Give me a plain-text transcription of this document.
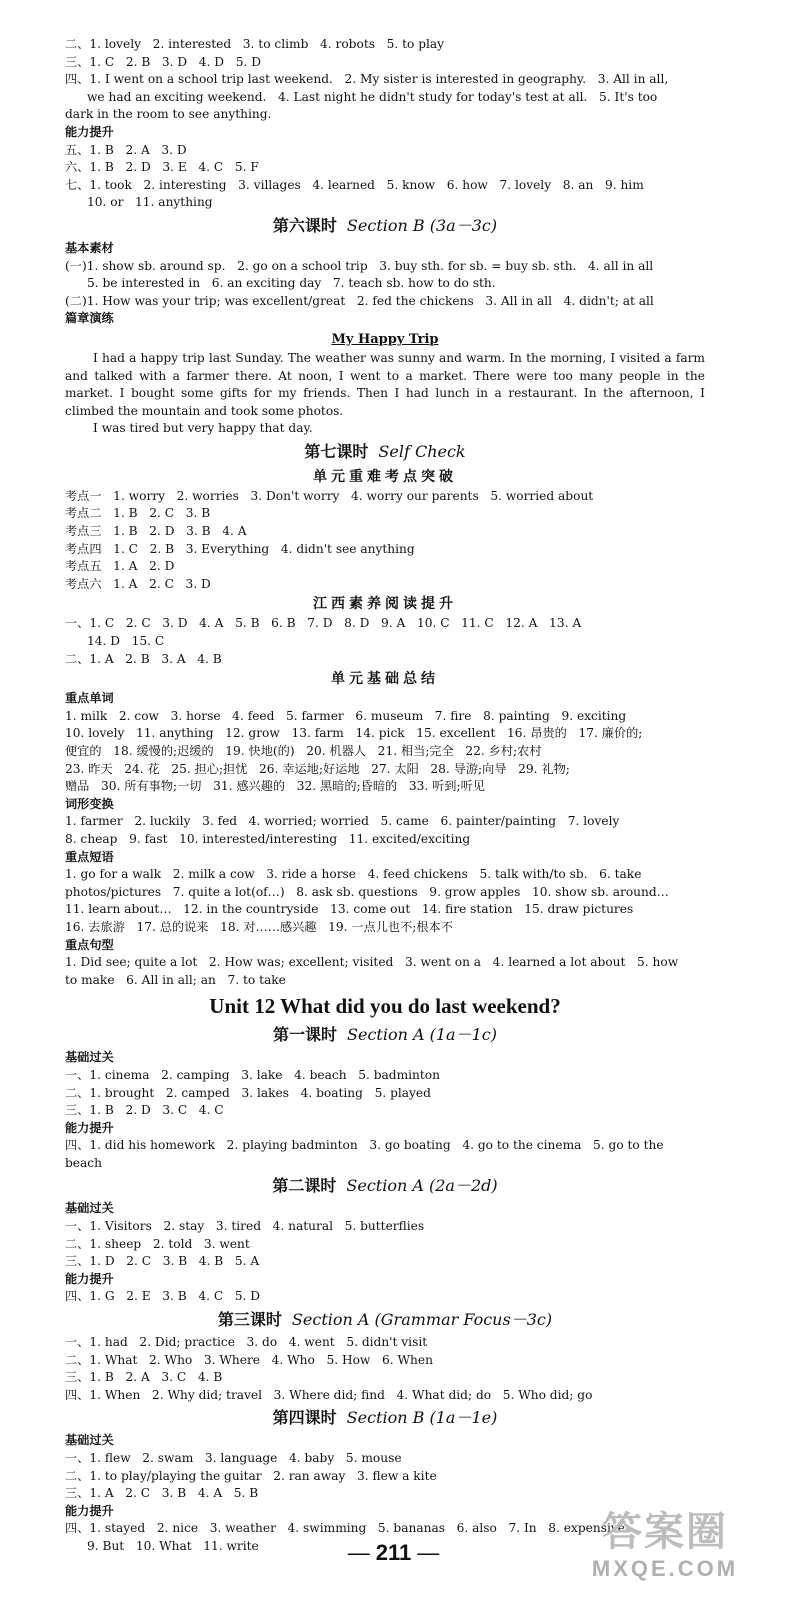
二、1. lovely   2. interested   3. to climb   4. robots   5. to play

三、1. C   2. B   3. D   4. D   5. D

四、1. I went on a school trip last weekend.   2. My sister is interested in geography.   3. All in all,

we had an exciting weekend.   4. Last night he didn't study for today's test at all.   5. It's too

dark in the room to see anything.

能力提升

五、1. B   2. A   3. D

六、1. B   2. D   3. E   4. C   5. F

七、1. took   2. interesting   3. villages   4. learned   5. know   6. how   7. lovely   8. an   9. him

10. or   11. anything

第六课时 Section B (3a－3c)

基本素材

(一)1. show sb. around sp.   2. go on a school trip   3. buy sth. for sb. = buy sb. sth.   4. all in all

5. be interested in   6. an exciting day   7. teach sb. how to do sth.

(二)1. How was your trip; was excellent/great   2. fed the chickens   3. All in all   4. didn't; at all

篇章演练

My Happy Trip

I had a happy trip last Sunday. The weather was sunny and warm. In the morning, I visited a farm and talked with a farmer there. At noon, I went to a market. There were too many people in the market. I bought some gifts for my friends. Then I had lunch in a restaurant. In the afternoon, I climbed the mountain and took some photos.

I was tired but very happy that day.

第七课时 Self Check

单元重难考点突破

考点一   1. worry   2. worries   3. Don't worry   4. worry our parents   5. worried about

考点二   1. B   2. C   3. B

考点三   1. B   2. D   3. B   4. A

考点四   1. C   2. B   3. Everything   4. didn't see anything

考点五   1. A   2. D

考点六   1. A   2. C   3. D

江西素养阅读提升

一、1. C   2. C   3. D   4. A   5. B   6. B   7. D   8. D   9. A   10. C   11. C   12. A   13. A

14. D   15. C

二、1. A   2. B   3. A   4. B

单元基础总结

重点单词

1. milk   2. cow   3. horse   4. feed   5. farmer   6. museum   7. fire   8. painting   9. exciting

10. lovely   11. anything   12. grow   13. farm   14. pick   15. excellent   16. 昂贵的   17. 廉价的;

便宜的   18. 缓慢的;迟缓的   19. 快地(的)   20. 机器人   21. 相当;完全   22. 乡村;农村

23. 昨天   24. 花   25. 担心;担忧   26. 幸运地;好运地   27. 太阳   28. 导游;向导   29. 礼物;

赠品   30. 所有事物;一切   31. 感兴趣的   32. 黑暗的;昏暗的   33. 听到;听见

词形变换

1. farmer   2. luckily   3. fed   4. worried; worried   5. came   6. painter/painting   7. lovely

8. cheap   9. fast   10. interested/interesting   11. excited/exciting

重点短语

1. go for a walk   2. milk a cow   3. ride a horse   4. feed chickens   5. talk with/to sb.   6. take

photos/pictures   7. quite a lot(of…)   8. ask sb. questions   9. grow apples   10. show sb. around…

11. learn about…   12. in the countryside   13. come out   14. fire station   15. draw pictures

16. 去旅游   17. 总的说来   18. 对……感兴趣   19. 一点儿也不;根本不

重点句型

1. Did see; quite a lot   2. How was; excellent; visited   3. went on a   4. learned a lot about   5. how

to make   6. All in all; an   7. to take

Unit 12 What did you do last weekend?

第一课时 Section A (1a－1c)

基础过关

一、1. cinema   2. camping   3. lake   4. beach   5. badminton

二、1. brought   2. camped   3. lakes   4. boating   5. played

三、1. B   2. D   3. C   4. C

能力提升

四、1. did his homework   2. playing badminton   3. go boating   4. go to the cinema   5. go to the

beach

第二课时 Section A (2a－2d)

基础过关

一、1. Visitors   2. stay   3. tired   4. natural   5. butterflies

二、1. sheep   2. told   3. went

三、1. D   2. C   3. B   4. B   5. A

能力提升

四、1. G   2. E   3. B   4. C   5. D

第三课时 Section A (Grammar Focus－3c)

一、1. had   2. Did; practice   3. do   4. went   5. didn't visit

二、1. What   2. Who   3. Where   4. Who   5. How   6. When

三、1. B   2. A   3. C   4. B

四、1. When   2. Why did; travel   3. Where did; find   4. What did; do   5. Who did; go

第四课时 Section B (1a－1e)

基础过关

一、1. flew   2. swam   3. language   4. baby   5. mouse

二、1. to play/playing the guitar   2. ran away   3. flew a kite

三、1. A   2. C   3. B   4. A   5. B

能力提升

四、1. stayed   2. nice   3. weather   4. swimming   5. bananas   6. also   7. In   8. expensive

9. But   10. What   11. write	— 211 —	答案圈
MXQE.COM
